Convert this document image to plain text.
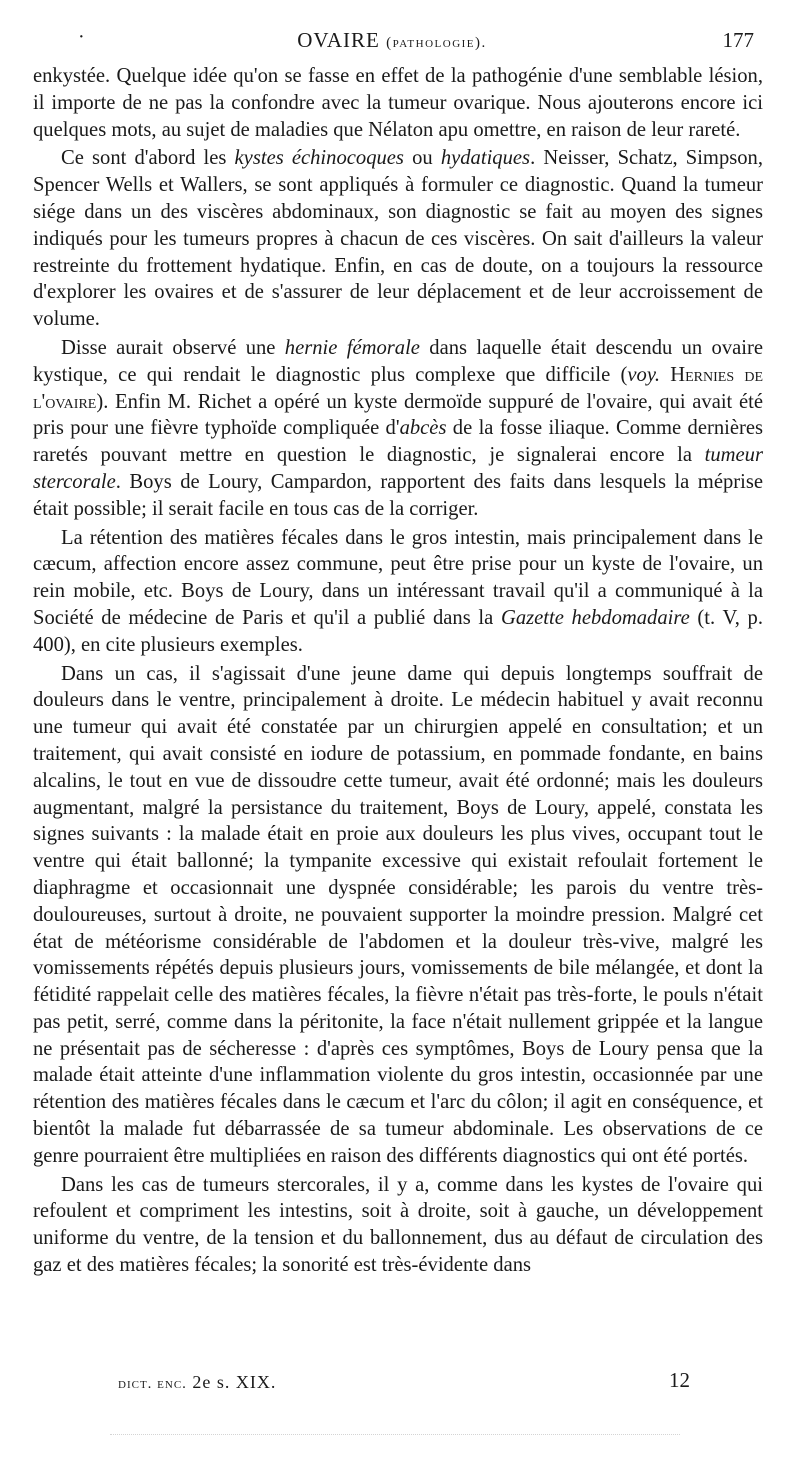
·	OVAIRE (pathologie).	177

enkystée. Quelque idée qu'on se fasse en effet de la pathogénie d'une semblable lésion, il importe de ne pas la confondre avec la tumeur ovarique. Nous ajouterons encore ici quelques mots, au sujet de maladies que Nélaton apu omettre, en raison de leur rareté.

Ce sont d'abord les kystes échinocoques ou hydatiques. Neisser, Schatz, Simpson, Spencer Wells et Wallers, se sont appliqués à formuler ce diagnostic. Quand la tumeur siége dans un des viscères abdominaux, son diagnostic se fait au moyen des signes indiqués pour les tumeurs propres à chacun de ces viscères. On sait d'ailleurs la valeur restreinte du frottement hydatique. Enfin, en cas de doute, on a toujours la ressource d'explorer les ovaires et de s'assurer de leur déplacement et de leur accroissement de volume.

Disse aurait observé une hernie fémorale dans laquelle était descendu un ovaire kystique, ce qui rendait le diagnostic plus complexe que difficile (voy. Hernies de l'ovaire). Enfin M. Richet a opéré un kyste dermoïde suppuré de l'ovaire, qui avait été pris pour une fièvre typhoïde compliquée d'abcès de la fosse iliaque. Comme dernières raretés pouvant mettre en question le diagnostic, je signalerai encore la tumeur stercorale. Boys de Loury, Campardon, rapportent des faits dans lesquels la méprise était possible; il serait facile en tous cas de la corriger.

La rétention des matières fécales dans le gros intestin, mais principalement dans le cæcum, affection encore assez commune, peut être prise pour un kyste de l'ovaire, un rein mobile, etc. Boys de Loury, dans un intéressant travail qu'il a communiqué à la Société de médecine de Paris et qu'il a publié dans la Gazette hebdomadaire (t. V, p. 400), en cite plusieurs exemples.

Dans un cas, il s'agissait d'une jeune dame qui depuis longtemps souffrait de douleurs dans le ventre, principalement à droite. Le médecin habituel y avait reconnu une tumeur qui avait été constatée par un chirurgien appelé en consultation; et un traitement, qui avait consisté en iodure de potassium, en pommade fondante, en bains alcalins, le tout en vue de dissoudre cette tumeur, avait été ordonné; mais les douleurs augmentant, malgré la persistance du traitement, Boys de Loury, appelé, constata les signes suivants : la malade était en proie aux douleurs les plus vives, occupant tout le ventre qui était ballonné; la tympanite excessive qui existait refoulait fortement le diaphragme et occasionnait une dyspnée considérable; les parois du ventre très-douloureuses, surtout à droite, ne pouvaient supporter la moindre pression. Malgré cet état de météorisme considérable de l'abdomen et la douleur très-vive, malgré les vomissements répétés depuis plusieurs jours, vomissements de bile mélangée, et dont la fétidité rappelait celle des matières fécales, la fièvre n'était pas très-forte, le pouls n'était pas petit, serré, comme dans la péritonite, la face n'était nullement grippée et la langue ne présentait pas de sécheresse : d'après ces symptômes, Boys de Loury pensa que la malade était atteinte d'une inflammation violente du gros intestin, occasionnée par une rétention des matières fécales dans le cæcum et l'arc du côlon; il agit en conséquence, et bientôt la malade fut débarrassée de sa tumeur abdominale. Les observations de ce genre pourraient être multipliées en raison des différents diagnostics qui ont été portés.

Dans les cas de tumeurs stercorales, il y a, comme dans les kystes de l'ovaire qui refoulent et compriment les intestins, soit à droite, soit à gauche, un développement uniforme du ventre, de la tension et du ballonnement, dus au défaut de circulation des gaz et des matières fécales; la sonorité est très-évidente dans

dict. enc. 2e s. XIX.	12
